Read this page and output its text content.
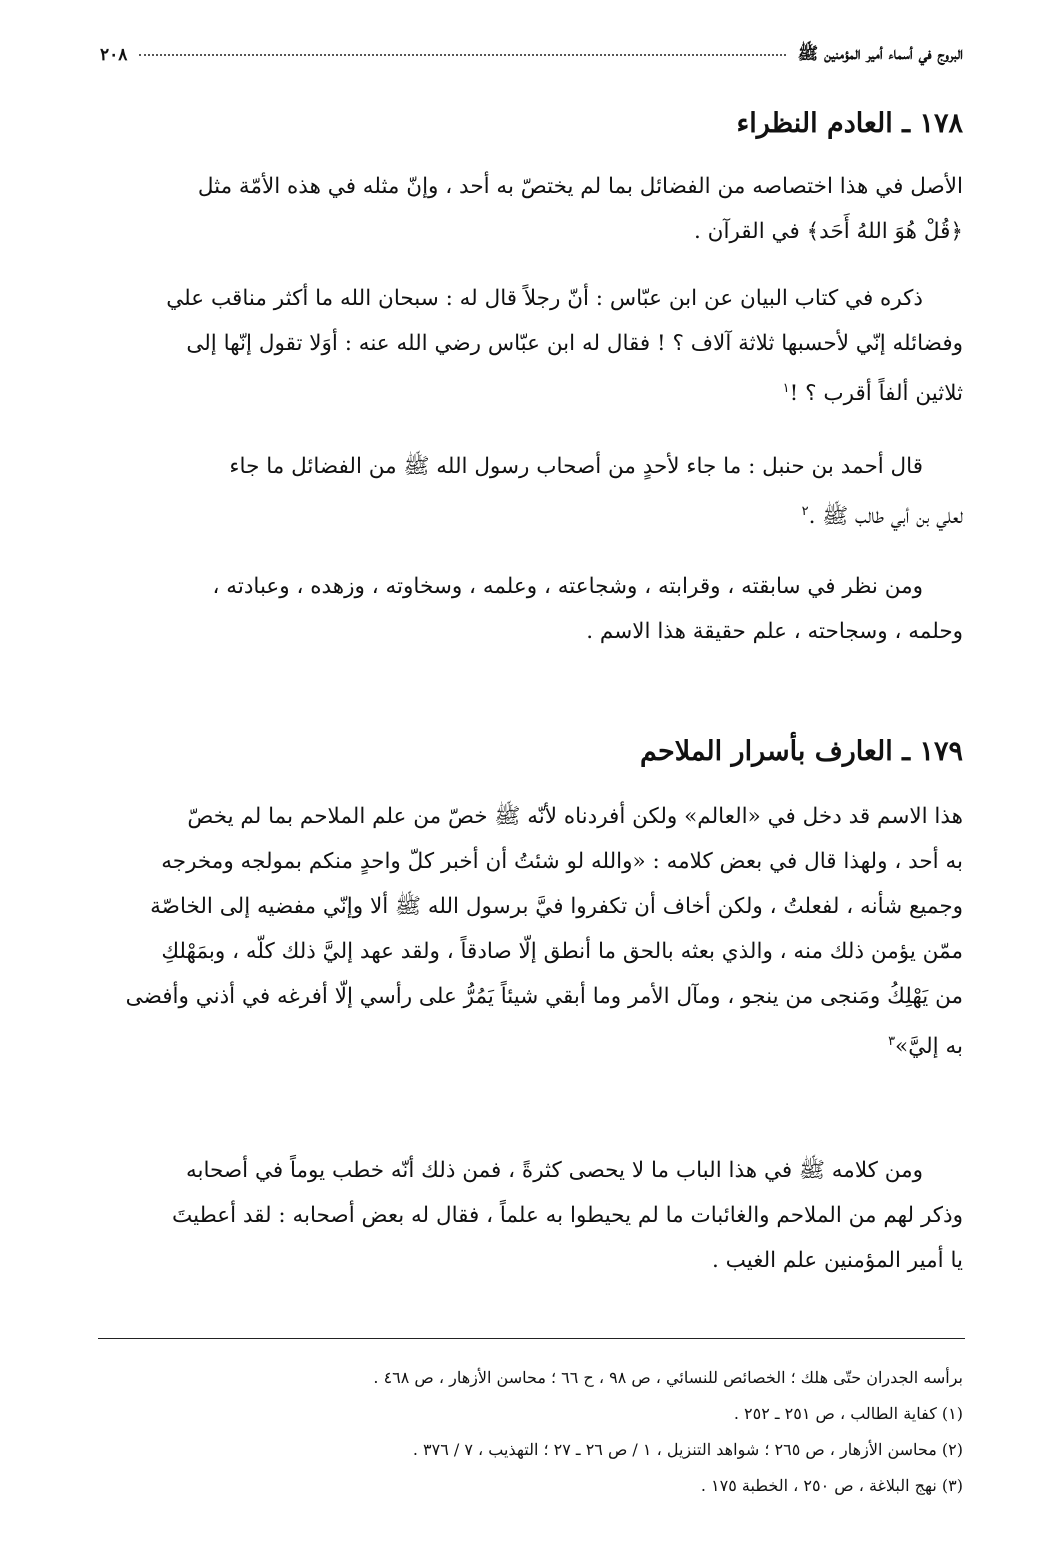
البروج في أسماء أمير المؤمنين ﷺ
٢٠٨
١٧٨ ـ العادم النظراء
الأصل في هذا اختصاصه من الفضائل بما لم يختصّ به أحد ، وإنّ مثله في هذه الأمّة مثل
﴿قُلْ هُوَ اللهُ أَحَد﴾ في القرآن .
ذكره في كتاب البيان عن ابن عبّاس : أنّ رجلاً قال له : سبحان الله ما أكثر مناقب علي
وفضائله إنّي لأحسبها ثلاثة آلاف ؟ ! فقال له ابن عبّاس رضي الله عنه : أوَلا تقول إنّها إلى
ثلاثين ألفاً أقرب ؟ !$^١$
قال أحمد بن حنبل : ما جاء لأحدٍ من أصحاب رسول الله ﷺ من الفضائل ما جاء
لعلي بن أبي طالب ﷺ .$^٢$
ومن نظر في سابقته ، وقرابته ، وشجاعته ، وعلمه ، وسخاوته ، وزهده ، وعبادته ،
وحلمه ، وسجاحته ، علم حقيقة هذا الاسم .
١٧٩ ـ العارف بأسرار الملاحم
هذا الاسم قد دخل في «العالم» ولكن أفردناه لأنّه ﷺ خصّ من علم الملاحم بما لم يخصّ
به أحد ، ولهذا قال في بعض كلامه : «والله لو شئتُ أن أخبر كلّ واحدٍ منكم بمولجه ومخرجه
وجميع شأنه ، لفعلتُ ، ولكن أخاف أن تكفروا فيَّ برسول الله ﷺ ألا وإنّي مفضيه إلى الخاصّة
ممّن يؤمن ذلك منه ، والذي بعثه بالحق ما أنطق إلّا صادقاً ، ولقد عهد إليَّ ذلك كلّه ، وبمَهْلكِ
من يَهْلِكُ ومَنجى من ينجو ، ومآل الأمر وما أبقي شيئاً يَمُرُّ على رأسي إلّا أفرغه في أذني وأفضى
به إليَّ»$^٣$
ومن كلامه ﷺ في هذا الباب ما لا يحصى كثرةً ، فمن ذلك أنّه خطب يوماً في أصحابه
وذكر لهم من الملاحم والغائبات ما لم يحيطوا به علماً ، فقال له بعض أصحابه : لقد أعطيتَ
يا أمير المؤمنين علم الغيب .
برأسه الجدران حتّى هلك ؛ الخصائص للنسائي ، ص ٩٨ ، ح ٦٦ ؛ محاسن الأزهار ، ص ٤٦٨ .
(١) كفاية الطالب ، ص ٢٥١ ـ ٢٥٢ .
(٢) محاسن الأزهار ، ص ٢٦٥ ؛ شواهد التنزيل ، ١ / ص ٢٦ ـ ٢٧ ؛ التهذيب ، ٧ / ٣٧٦ .
(٣) نهج البلاغة ، ص ٢٥٠ ، الخطبة ١٧٥ .
